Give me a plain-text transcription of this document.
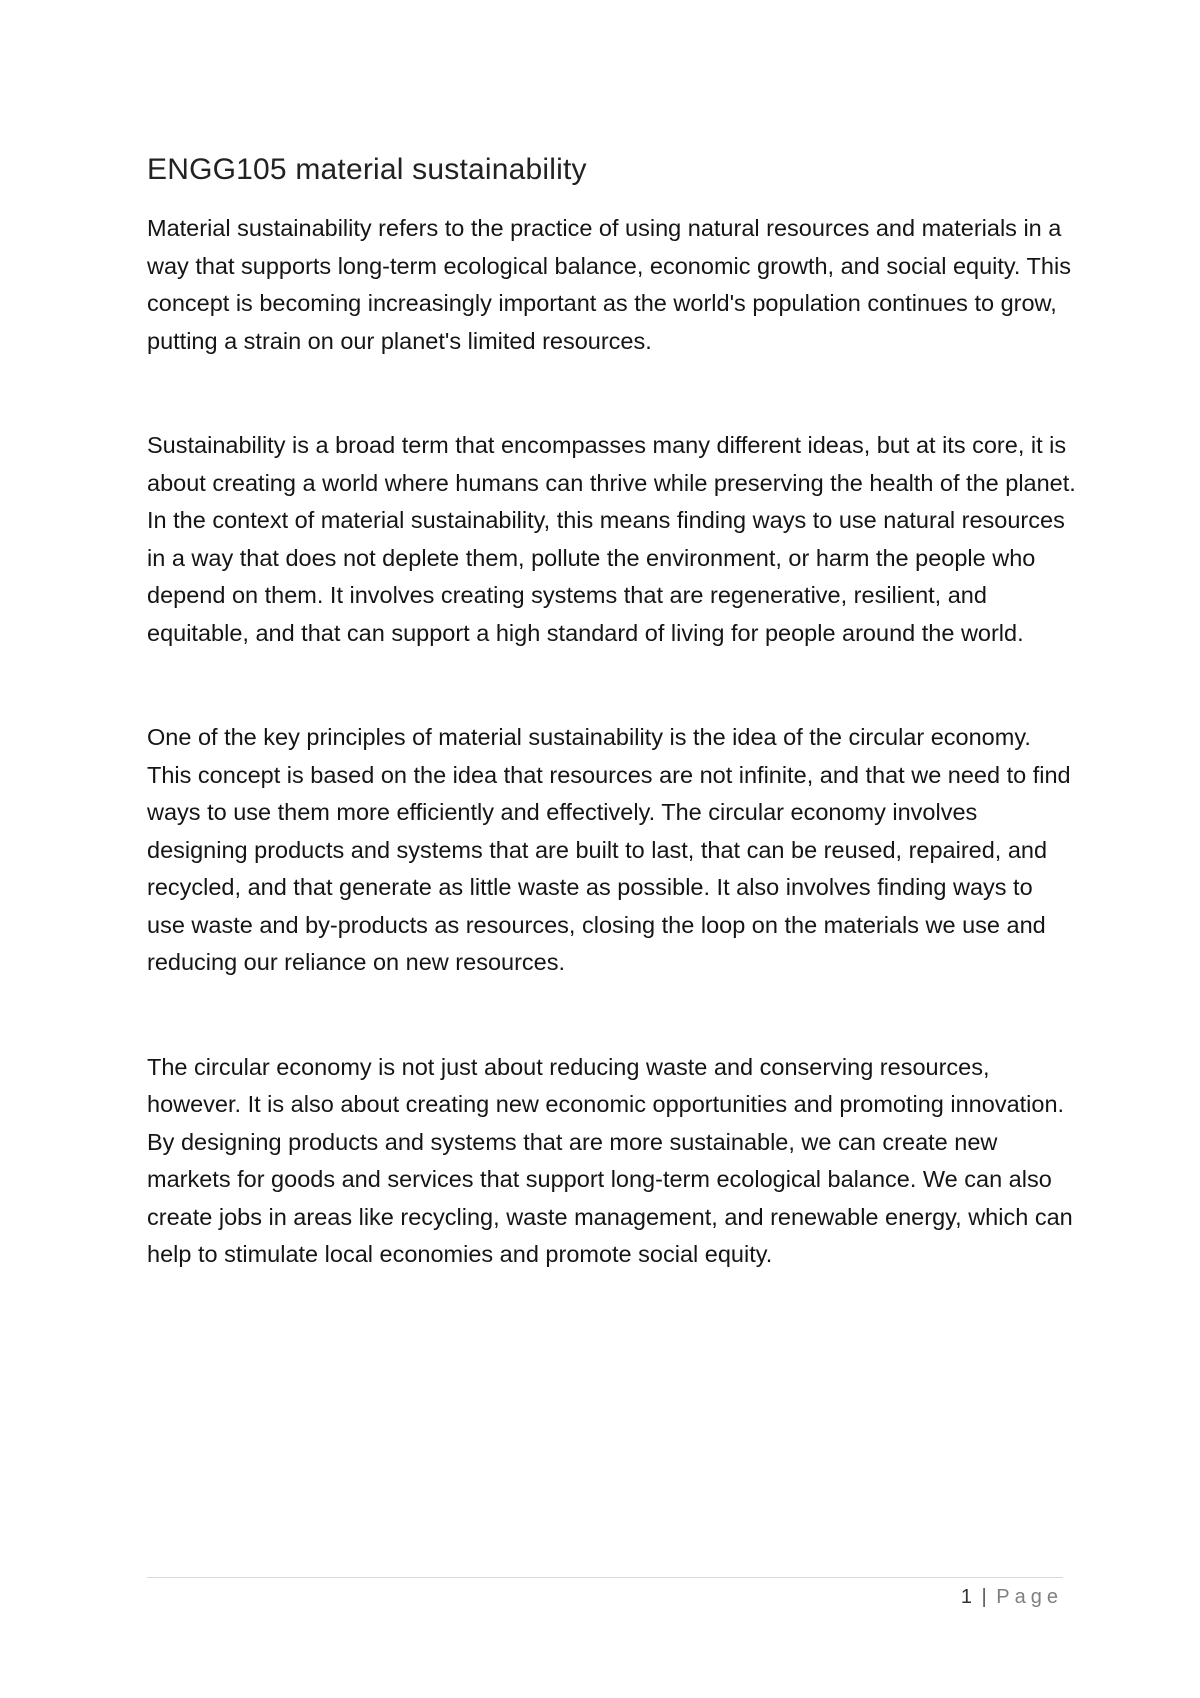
ENGG105 material sustainability

Material sustainability refers to the practice of using natural resources and materials in a way that supports long-term ecological balance, economic growth, and social equity. This concept is becoming increasingly important as the world's population continues to grow, putting a strain on our planet's limited resources.

Sustainability is a broad term that encompasses many different ideas, but at its core, it is about creating a world where humans can thrive while preserving the health of the planet. In the context of material sustainability, this means finding ways to use natural resources in a way that does not deplete them, pollute the environment, or harm the people who depend on them. It involves creating systems that are regenerative, resilient, and equitable, and that can support a high standard of living for people around the world.

One of the key principles of material sustainability is the idea of the circular economy. This concept is based on the idea that resources are not infinite, and that we need to find ways to use them more efficiently and effectively. The circular economy involves designing products and systems that are built to last, that can be reused, repaired, and recycled, and that generate as little waste as possible. It also involves finding ways to use waste and by-products as resources, closing the loop on the materials we use and reducing our reliance on new resources.

The circular economy is not just about reducing waste and conserving resources, however. It is also about creating new economic opportunities and promoting innovation. By designing products and systems that are more sustainable, we can create new markets for goods and services that support long-term ecological balance. We can also create jobs in areas like recycling, waste management, and renewable energy, which can help to stimulate local economies and promote social equity.

1 | Page
